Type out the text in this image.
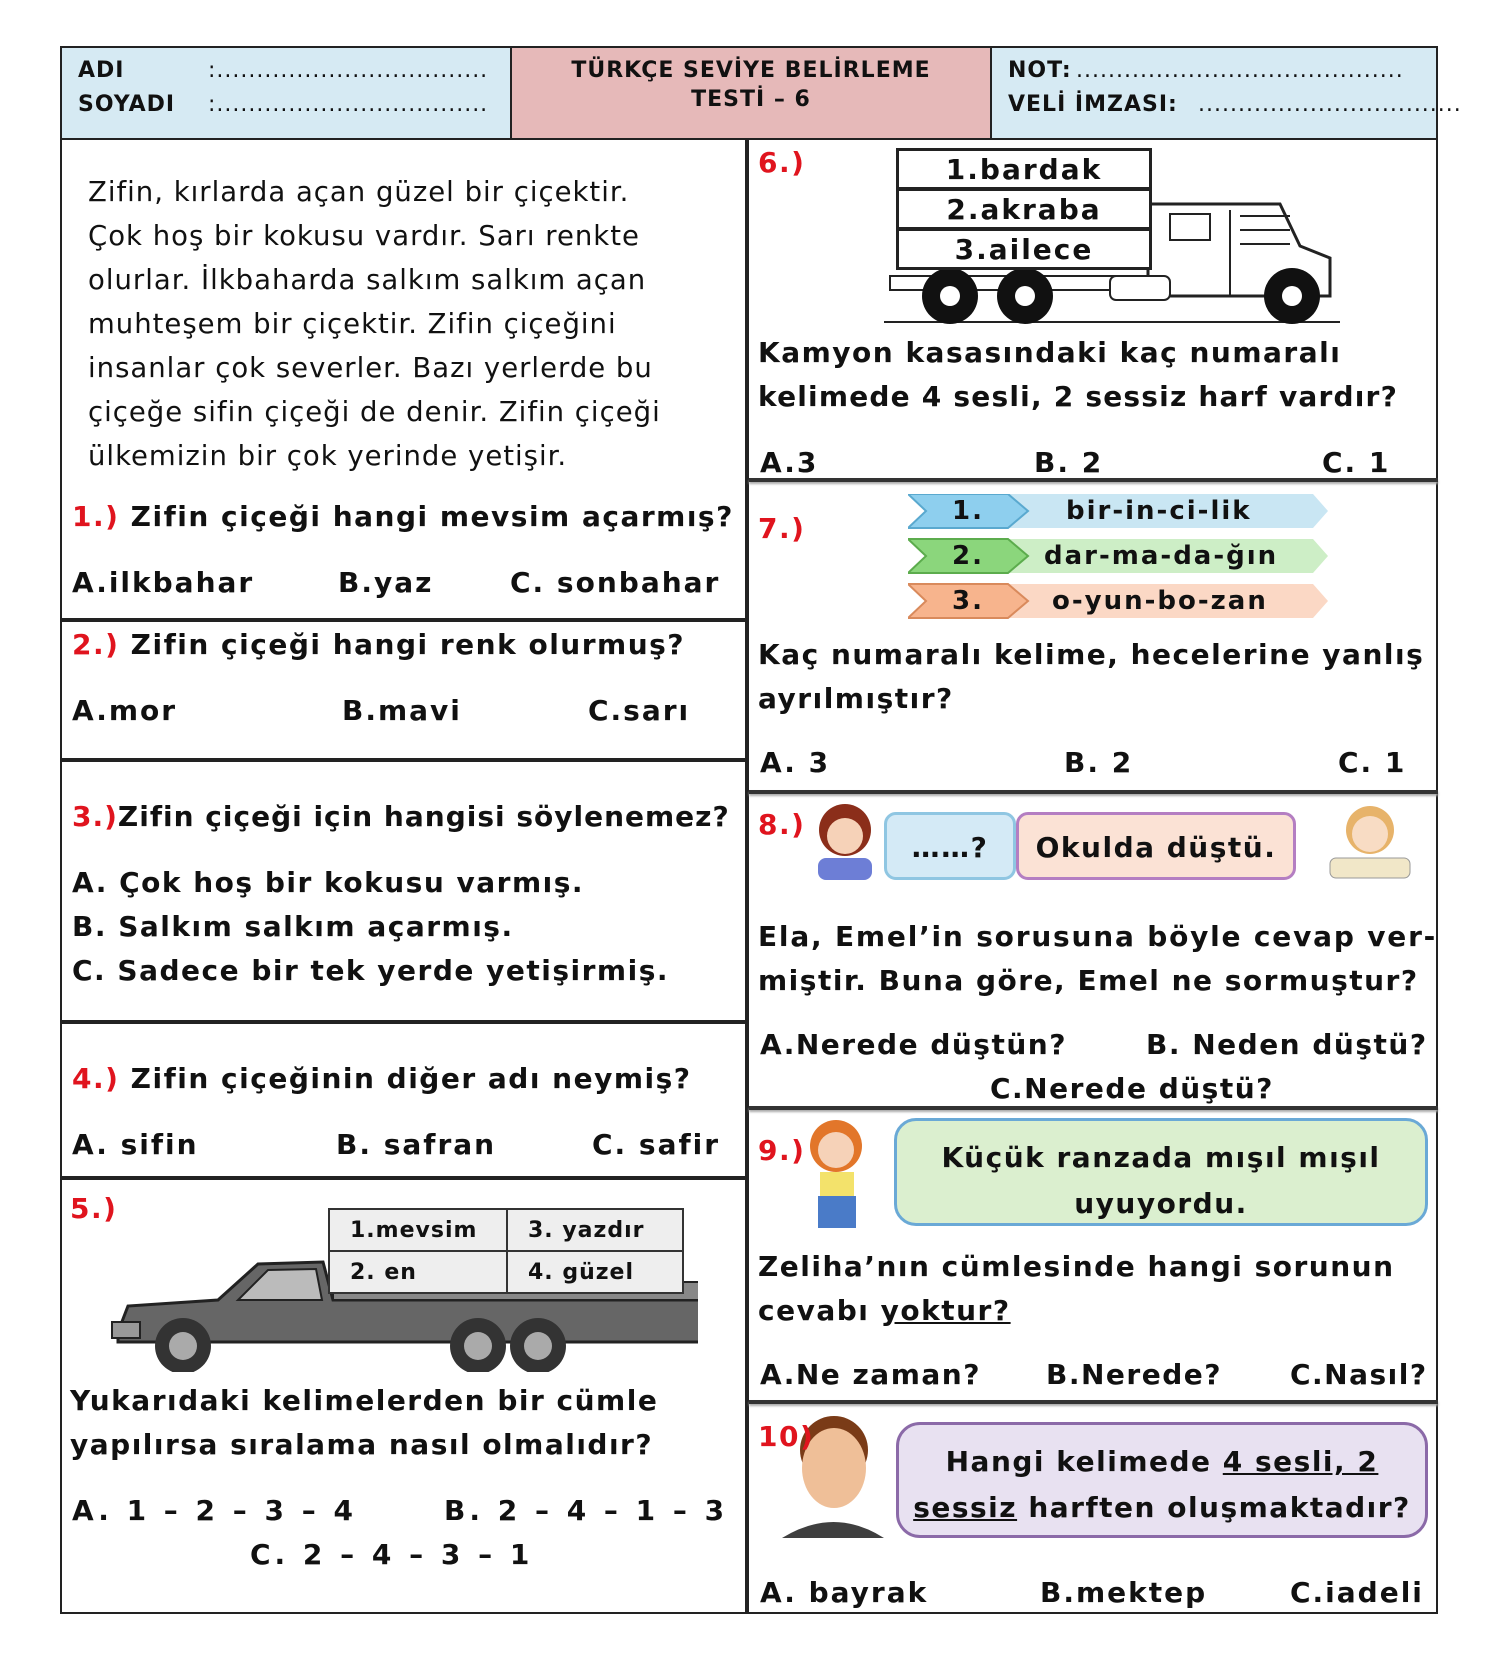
ADI	:..................................
SOYADI :..................................
TÜRKÇE SEVİYE BELİRLEME
TESTİ – 6
NOT: .........................................
VELİ İMZASI: .................................
Zifin, kırlarda açan güzel bir çiçektir.
Çok hoş bir kokusu vardır. Sarı renkte
olurlar. İlkbaharda salkım salkım açan
muhteşem bir çiçektir. Zifin çiçeğini
insanlar çok severler. Bazı yerlerde bu
çiçeğe sifin çiçeği de denir. Zifin çiçeği
ülkemizin bir çok yerinde yetişir.
1.) Zifin çiçeği hangi mevsim açarmış?
A.ilkbahar	B.yaz	C. sonbahar
2.) Zifin çiçeği hangi renk olurmuş?
A.mor	B.mavi	C.sarı
3.)Zifin çiçeği için hangisi söylenemez?
A. Çok hoş bir kokusu varmış.
B. Salkım salkım açarmış.
C. Sadece bir tek yerde yetişirmiş.
4.) Zifin çiçeğinin diğer adı neymiş?
A. sifin	B. safran	C. safir
5.)
1.mevsim	3. yazdır
2. en	4. güzel
Yukarıdaki kelimelerden bir cümle
yapılırsa sıralama nasıl olmalıdır?
A. 1 – 2 – 3 – 4	B. 2 – 4 – 1 – 3
C. 2 – 4 – 3 – 1
6.)	1.bardak
2.akraba
3.ailece
Kamyon kasasındaki kaç numaralı
kelimede 4 sesli, 2 sessiz harf vardır?
A.3	B. 2	C. 1
7.)
1.	bir-in-ci-lik
2. dar-ma-da-ğın
3.	o-yun-bo-zan
Kaç numaralı kelime, hecelerine yanlış
ayrılmıştır?
A. 3	B. 2	C. 1
8.)
……?	Okulda düştü.
Ela, Emel’in sorusuna böyle cevap ver-
miştir. Buna göre, Emel ne sormuştur?
A.Nerede düştün?	B. Neden düştü?
C.Nerede düştü?
9.)	Küçük ranzada mışıl mışıl
uyuyordu.
Zeliha’nın cümlesinde hangi sorunun
cevabı yoktur?
A.Ne zaman? B.Nerede? C.Nasıl?
10)
Hangi kelimede 4 sesli, 2
sessiz harften oluşmaktadır?
A. bayrak	B.mektep	C.iadeli
